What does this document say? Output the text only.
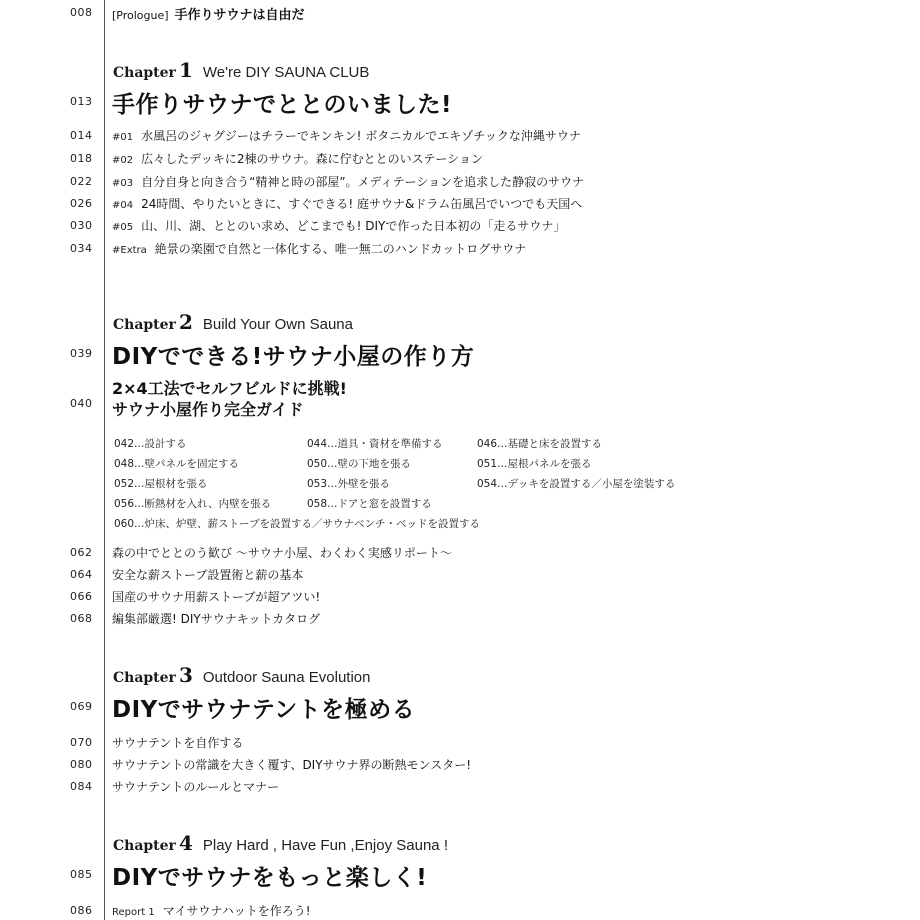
008 [Prologue] 手作りサウナは自由だ
Chapter 1 We're DIY SAUNA CLUB
013 手作りサウナでととのいました!
014 #01 水風呂のジャグジーはチラーでキンキン! ボタニカルでエキゾチックな沖縄サウナ
018 #02 広々したデッキに2棟のサウナ。森に佇むととのいステーション
022 #03 自分自身と向き合う“精神と時の部屋”。メディテーションを追求した静寂のサウナ
026 #04 24時間、やりたいときに、すぐできる! 庭サウナ&ドラム缶風呂でいつでも天国へ
030 #05 山、川、湖、ととのい求め、どこまでも! DIYで作った日本初の「走るサウナ」
034 #Extra 絶景の楽園で自然と一体化する、唯一無二のハンドカットログサウナ
Chapter 2 Build Your Own Sauna
039 DIYでできる!サウナ小屋の作り方
040
2×4工法でセルフビルドに挑戦!
サウナ小屋作り完全ガイド
042…設計する	044…道具・資材を準備する	046…基礎と床を設置する
048…壁パネルを固定する	050…壁の下地を張る	051…屋根パネルを張る
052…屋根材を張る	053…外壁を張る	054…デッキを設置する／小屋を塗装する
056…断熱材を入れ、内壁を張る	058…ドアと窓を設置する
060…炉床、炉壁、薪ストーブを設置する／サウナベンチ・ベッドを設置する
062 森の中でととのう歓び 〜サウナ小屋、わくわく実感リポート〜
064 安全な薪ストーブ設置術と薪の基本
066 国産のサウナ用薪ストーブが超アツい!
068 編集部厳選! DIYサウナキットカタログ
Chapter 3 Outdoor Sauna Evolution
069 DIYでサウナテントを極める
070 サウナテントを自作する
080 サウナテントの常識を大きく覆す、DIYサウナ界の断熱モンスター!
084 サウナテントのルールとマナー
Chapter 4 Play Hard , Have Fun ,Enjoy Sauna !
085 DIYでサウナをもっと楽しく!
086 Report 1 マイサウナハットを作ろう!
